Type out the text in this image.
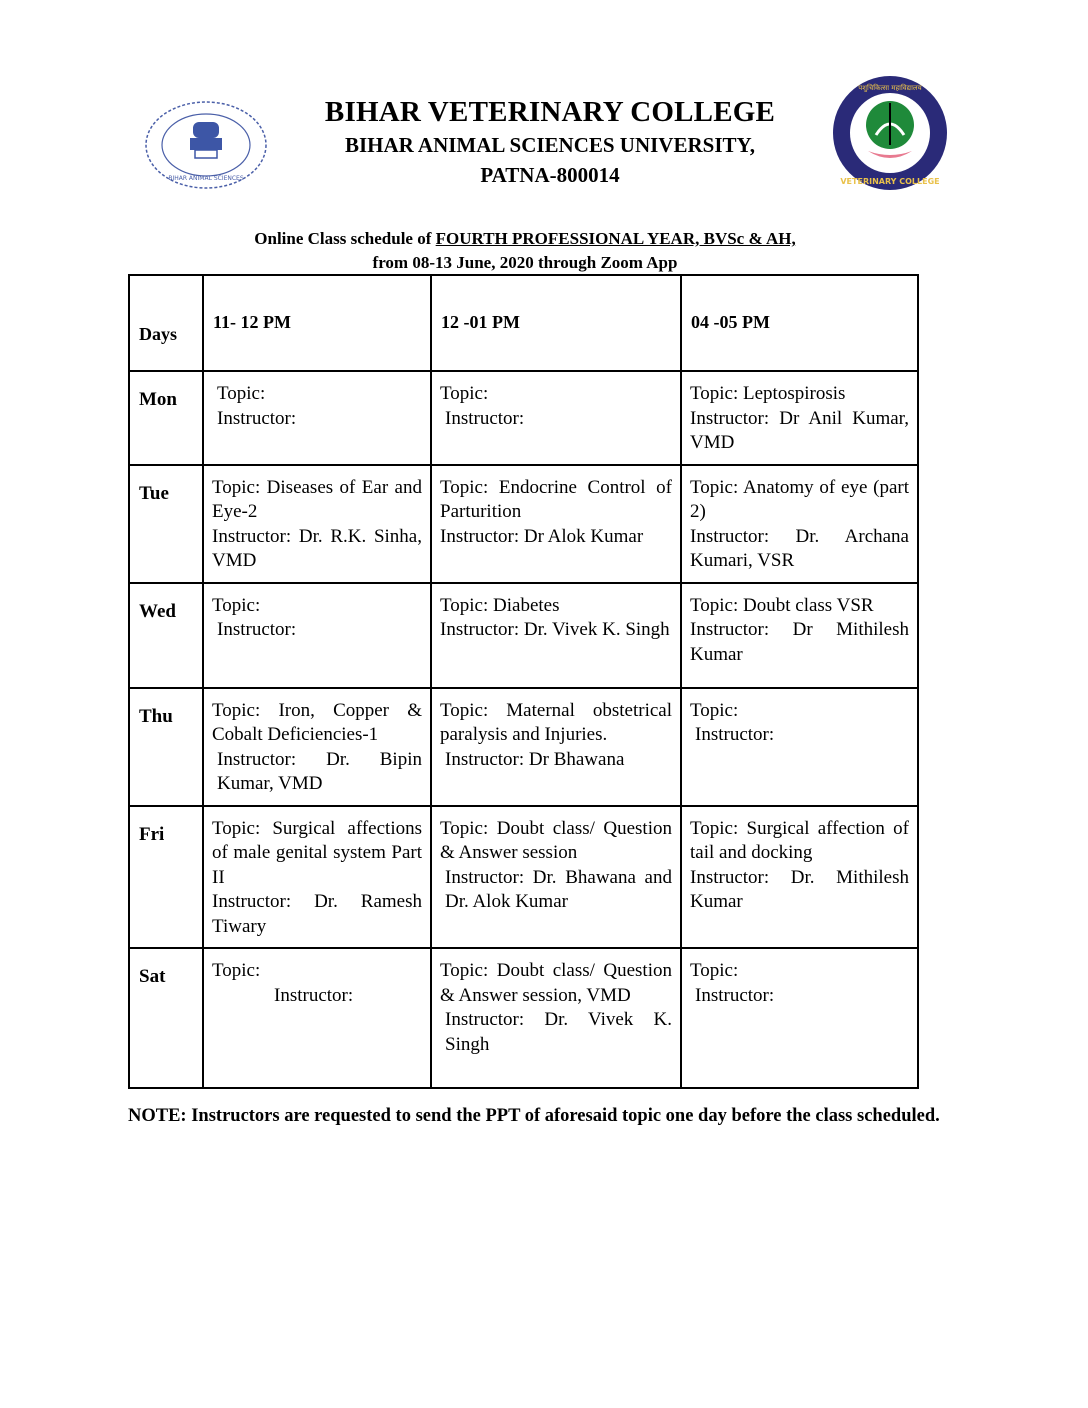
BIHAR ANIMAL SCIENCES	VETERINARY COLLEGE
पशुचिकित्सा महाविद्यालय
BIHAR VETERINARY COLLEGE
BIHAR ANIMAL SCIENCES UNIVERSITY,
PATNA-800014
Online Class schedule of FOURTH PROFESSIONAL YEAR, BVSc & AH,
from 08-13 June, 2020 through Zoom App
Days	11- 12 PM	12 -01 PM	04 -05 PM
Mon	Topic:
Instructor:	Topic:
Instructor:	Topic: Leptospirosis
Instructor: Dr Anil Kumar, VMD

Tue	Topic: Diseases of Ear and Eye-2
Instructor: Dr. R.K. Sinha, VMD	Topic: Endocrine Control of Parturition
Instructor: Dr Alok Kumar	Topic: Anatomy of eye (part 2)
Instructor: Dr. Archana Kumari, VSR

Wed	Topic:
Instructor:	Topic: Diabetes
Instructor: Dr. Vivek K. Singh	Topic: Doubt class VSR
Instructor: Dr Mithilesh Kumar

Thu	Topic: Iron, Copper & Cobalt Deficiencies-1
Instructor: Dr. Bipin Kumar, VMD	Topic: Maternal obstetrical paralysis and Injuries.
Instructor: Dr Bhawana	Topic:
Instructor:

Fri	Topic: Surgical affections of male genital system Part II
Instructor: Dr. Ramesh Tiwary	Topic: Doubt class/ Question & Answer session
Instructor: Dr. Bhawana and Dr. Alok Kumar	Topic: Surgical affection of tail and docking
Instructor: Dr. Mithilesh Kumar

Sat	Topic:
Instructor:	Topic: Doubt class/ Question & Answer session, VMD
Instructor: Dr. Vivek K. Singh	Topic:
Instructor:
NOTE: Instructors are requested to send the PPT of aforesaid topic one day before the class scheduled.
